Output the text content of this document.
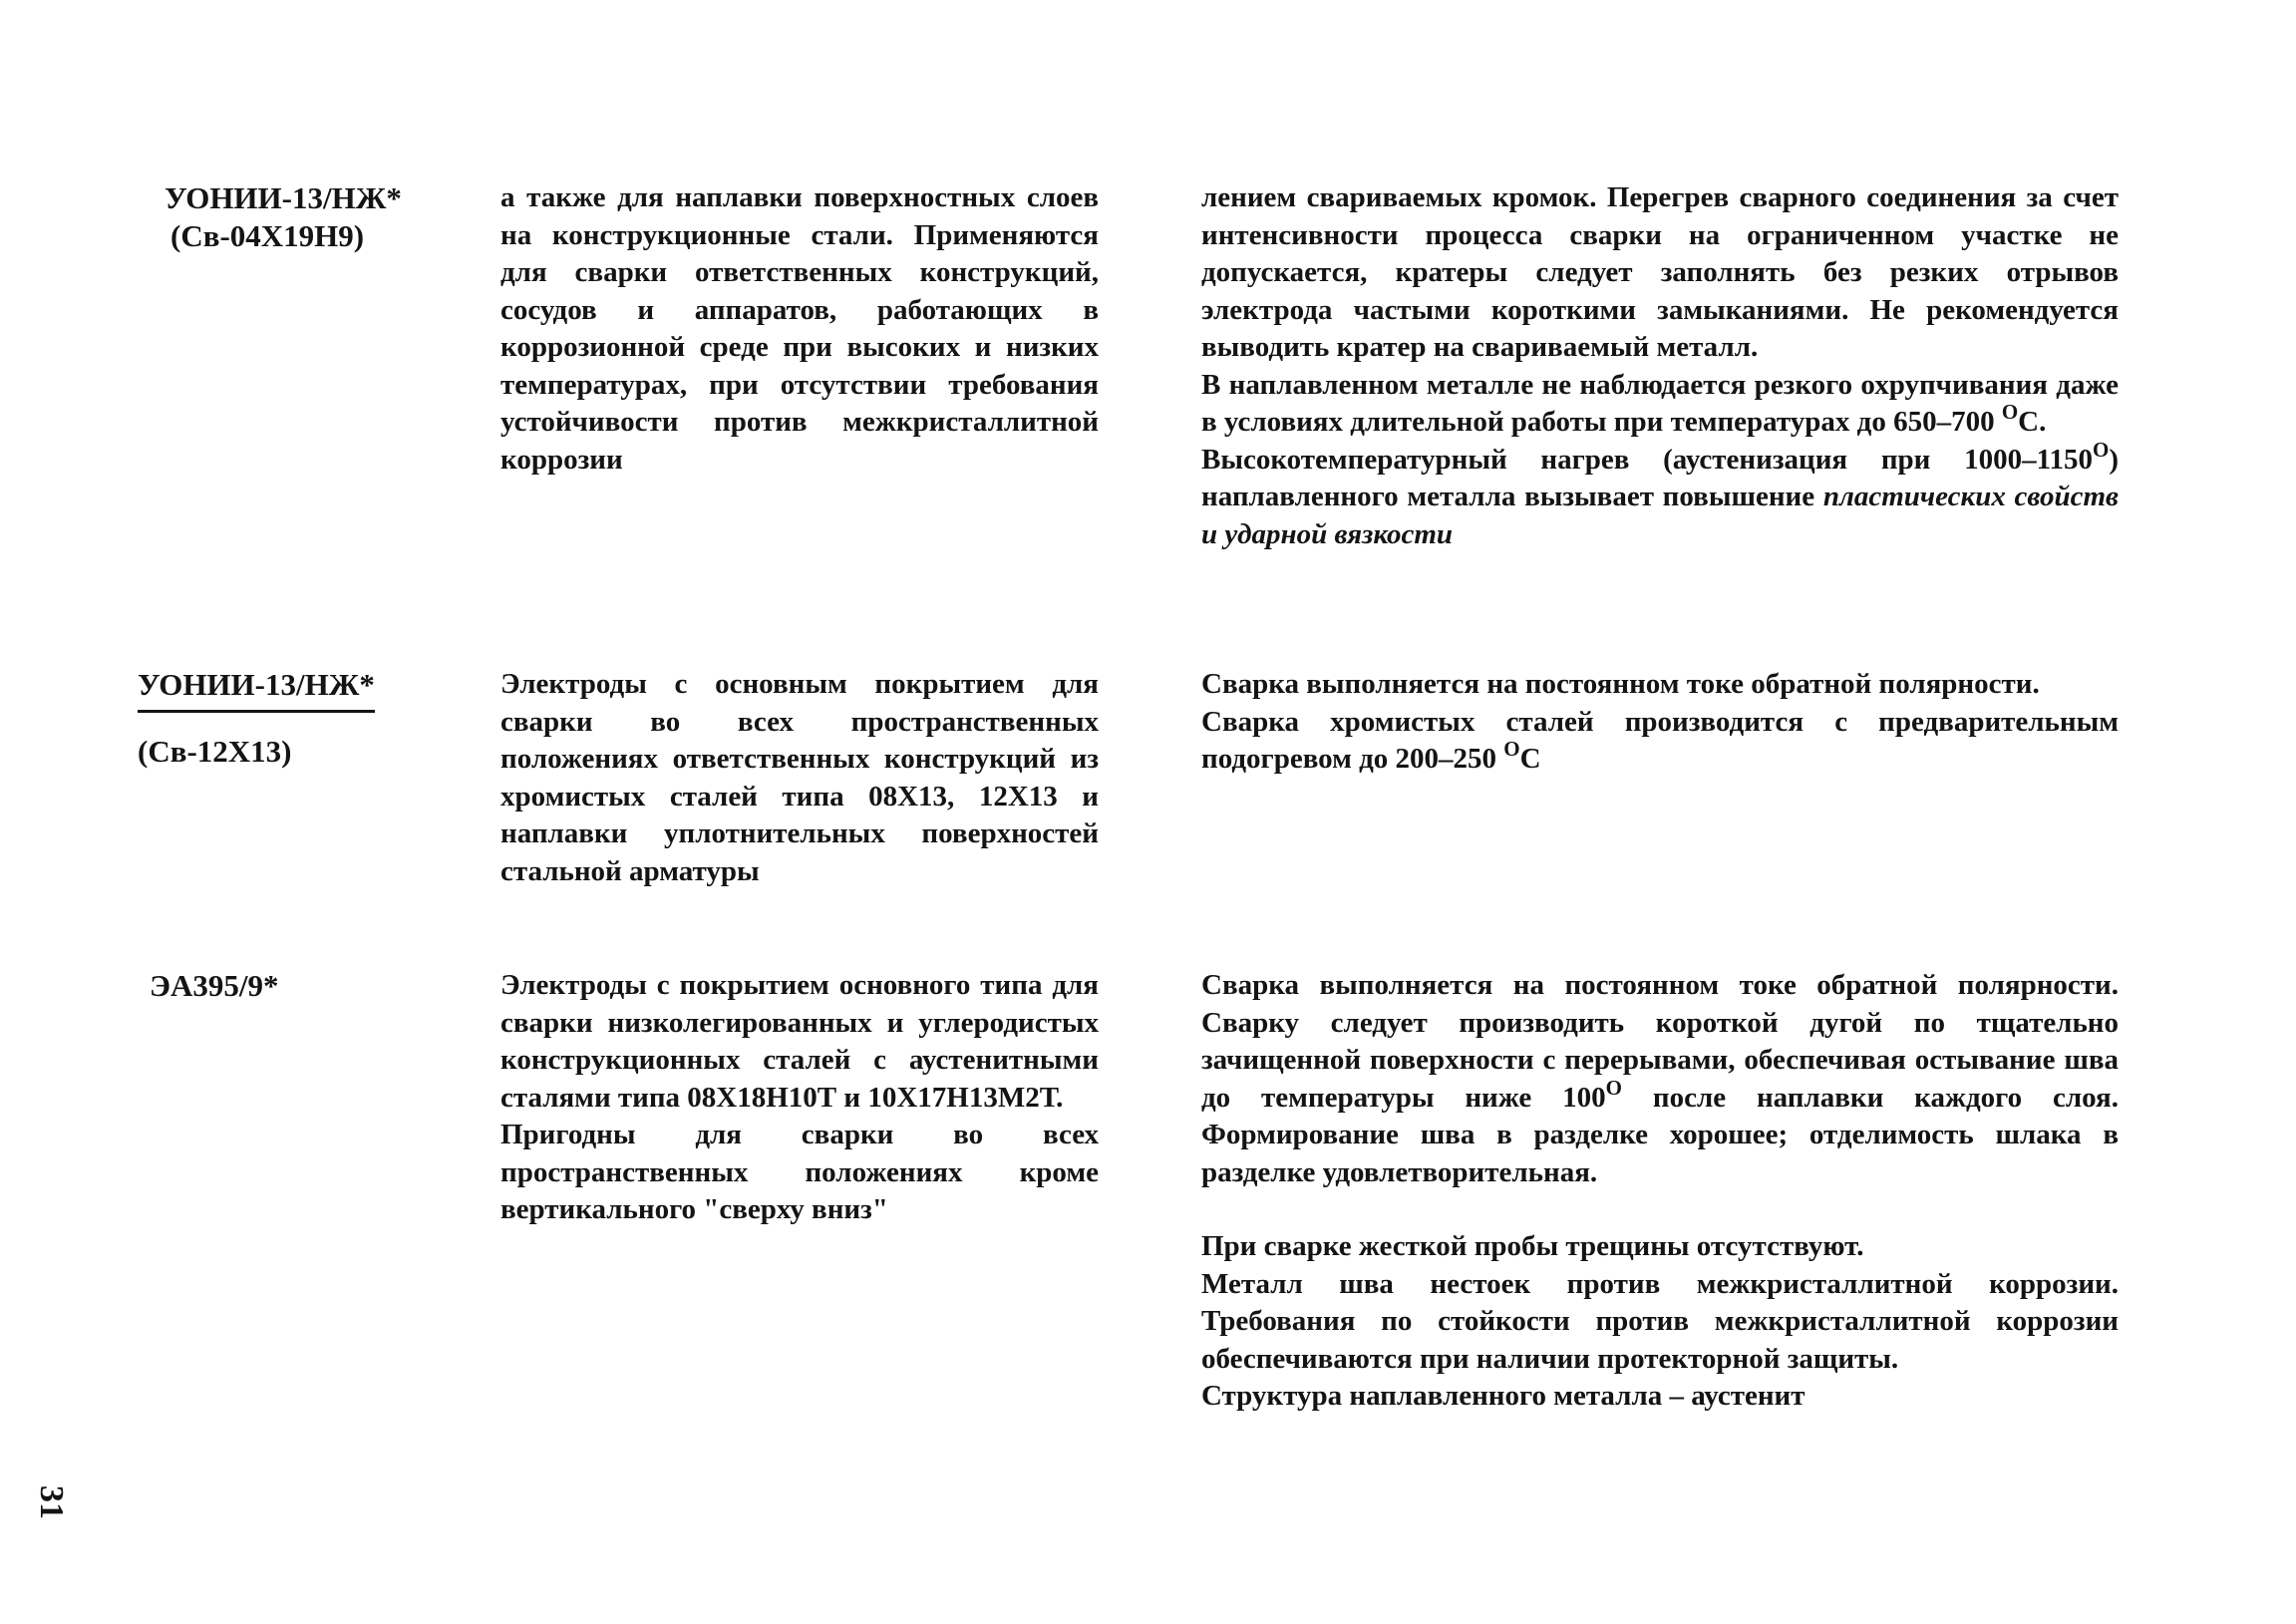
УОНИИ-13/НЖ*
(Св-04Х19Н9)

а также для наплавки поверхностных слоев на конструкционные стали. Применяются для сварки ответственных конструкций, сосудов и аппаратов, работающих в коррозионной среде при высоких и низких температурах, при отсутствии требования устойчивости против межкристаллитной коррозии

лением свариваемых кромок. Перегрев сварного соединения за счет интенсивности процесса сварки на ограниченном участке не допускается, кратеры следует заполнять без резких отрывов электрода частыми короткими замыканиями. Не рекомендуется выводить кратер на свариваемый металл.

В наплавленном металле не наблюдается резкого охрупчивания даже в условиях длительной работы при температурах до 650–700 $^O$C.

Высокотемпературный нагрев (аустенизация при $1000-1150^O$) наплавленного металла вызывает повышение пластических свойств и ударной вязкости

УОНИИ-13/НЖ*
(Св-12Х13)

Электроды с основным покрытием для сварки во всех пространственных положениях ответственных конструкций из хромистых сталей типа 08Х13, 12Х13 и наплавки уплотнительных поверхностей стальной арматуры

Сварка выполняется на постоянном токе обратной полярности.

Сварка хромистых сталей производится с предварительным подогревом до 200–250 $^O$C

ЭА395/9*	Электроды с покрытием основного типа для сварки низколегированных и углеродистых конструкционных сталей с аустенитными сталями типа 08Х18Н10Т и 10Х17Н13М2Т.

Пригодны для сварки во всех пространственных положениях кроме вертикального "сверху вниз"

Сварка выполняется на постоянном токе обратной полярности. Сварку следует производить короткой дугой по тщательно зачищенной поверхности с перерывами, обеспечивая остывание шва до температуры ниже $100^O$ после наплавки каждого слоя. Формирование шва в разделке хорошее; отделимость шлака в разделке удовлетворительная.

При сварке жесткой пробы трещины отсутствуют.

Металл шва нестоек против межкристаллитной коррозии. Требования по стойкости против межкристаллитной коррозии обеспечиваются при наличии протекторной защиты.

Структура наплавленного металла – аустенит

31
